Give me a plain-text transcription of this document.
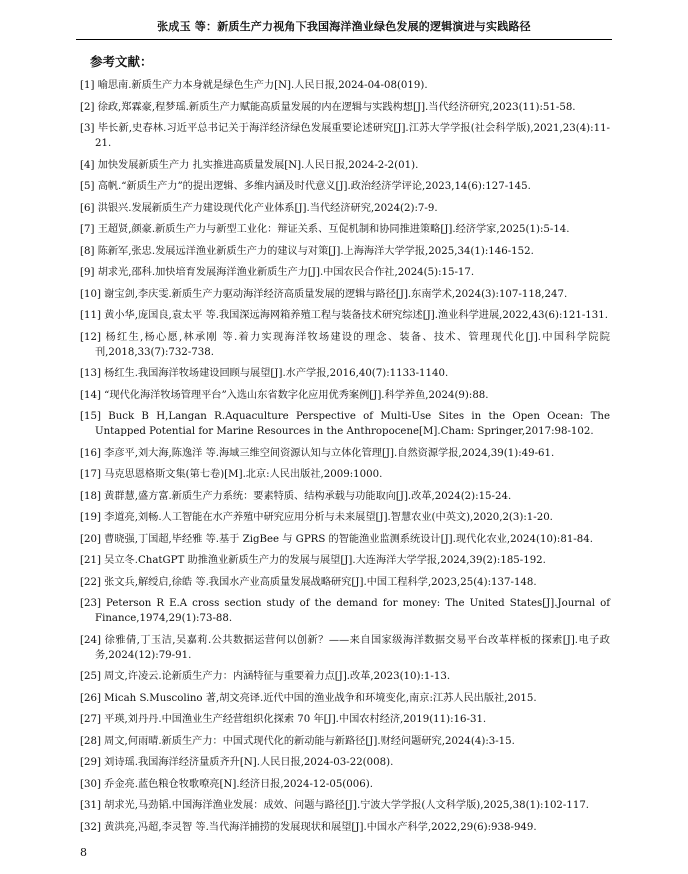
张成玉 等：新质生产力视角下我国海洋渔业绿色发展的逻辑演进与实践路径
参考文献：
[1] 喻思南.新质生产力本身就是绿色生产力[N].人民日报,2024-04-08(019).
[2] 徐政,郑霖豪,程梦瑶.新质生产力赋能高质量发展的内在逻辑与实践构想[J].当代经济研究,2023(11):51-58.
[3] 毕长新,史春林.习近平总书记关于海洋经济绿色发展重要论述研究[J].江苏大学学报(社会科学版),2021,23(4):11-21.
[4] 加快发展新质生产力 扎实推进高质量发展[N].人民日报,2024-2-2(01).
[5] 高帆.“新质生产力”的提出逻辑、多维内涵及时代意义[J].政治经济学评论,2023,14(6):127-145.
[6] 洪银兴.发展新质生产力建设现代化产业体系[J].当代经济研究,2024(2):7-9.
[7] 王超贤,颜豪.新质生产力与新型工业化：辩证关系、互促机制和协同推进策略[J].经济学家,2025(1):5-14.
[8] 陈新军,张忠.发展远洋渔业新质生产力的建议与对策[J].上海海洋大学学报,2025,34(1):146-152.
[9] 胡求光,邵科.加快培育发展海洋渔业新质生产力[J].中国农民合作社,2024(5):15-17.
[10] 谢宝剑,李庆雯.新质生产力驱动海洋经济高质量发展的逻辑与路径[J].东南学术,2024(3):107-118,247.
[11] 黄小华,庞国良,袁太平 等.我国深远海网箱养殖工程与装备技术研究综述[J].渔业科学进展,2022,43(6):121-131.
[12] 杨红生,杨心愿,林承刚 等.着力实现海洋牧场建设的理念、装备、技术、管理现代化[J].中国科学院院刊,2018,33(7):732-738.
[13] 杨红生.我国海洋牧场建设回顾与展望[J].水产学报,2016,40(7):1133-1140.
[14] “现代化海洋牧场管理平台”入选山东省数字化应用优秀案例[J].科学养鱼,2024(9):88.
[15] Buck B H,Langan R.Aquaculture Perspective of Multi-Use Sites in the Open Ocean: The Untapped Potential for Marine Resources in the Anthropocene[M].Cham: Springer,2017:98-102.
[16] 李彦平,刘大海,陈逸洋 等.海域三维空间资源认知与立体化管理[J].自然资源学报,2024,39(1):49-61.
[17] 马克思恩格斯文集(第七卷)[M].北京:人民出版社,2009:1000.
[18] 黄群慧,盛方富.新质生产力系统：要素特质、结构承载与功能取向[J].改革,2024(2):15-24.
[19] 李道亮,刘畅.人工智能在水产养殖中研究应用分析与未来展望[J].智慧农业(中英文),2020,2(3):1-20.
[20] 曹晓强,丁国超,毕经雅 等.基于 ZigBee 与 GPRS 的智能渔业监测系统设计[J].现代化农业,2024(10):81-84.
[21] 吴立冬.ChatGPT 助推渔业新质生产力的发展与展望[J].大连海洋大学学报,2024,39(2):185-192.
[22] 张文兵,解绶启,徐皓 等.我国水产业高质量发展战略研究[J].中国工程科学,2023,25(4):137-148.
[23] Peterson R E.A cross section study of the demand for money: The United States[J].Journal of Finance,1974,29(1):73-88.
[24] 徐雅倩,丁玉洁,吴嘉莉.公共数据运营何以创新？——来自国家级海洋数据交易平台改革样板的探索[J].电子政务,2024(12):79-91.
[25] 周文,许凌云.论新质生产力：内涵特征与重要着力点[J].改革,2023(10):1-13.
[26] Micah S.Muscolino 著,胡文亮译.近代中国的渔业战争和环境变化,南京:江苏人民出版社,2015.
[27] 平瑛,刘丹丹.中国渔业生产经营组织化探索 70 年[J].中国农村经济,2019(11):16-31.
[28] 周文,何雨晴.新质生产力：中国式现代化的新动能与新路径[J].财经问题研究,2024(4):3-15.
[29] 刘诗瑶.我国海洋经济量质齐升[N].人民日报,2024-03-22(008).
[30] 乔金亮.蓝色粮仓牧歌嘹亮[N].经济日报,2024-12-05(006).
[31] 胡求光,马劲韬.中国海洋渔业发展：成效、问题与路径[J].宁波大学学报(人文科学版),2025,38(1):102-117.
[32] 黄洪亮,冯超,李灵智 等.当代海洋捕捞的发展现状和展望[J].中国水产科学,2022,29(6):938-949.
8
